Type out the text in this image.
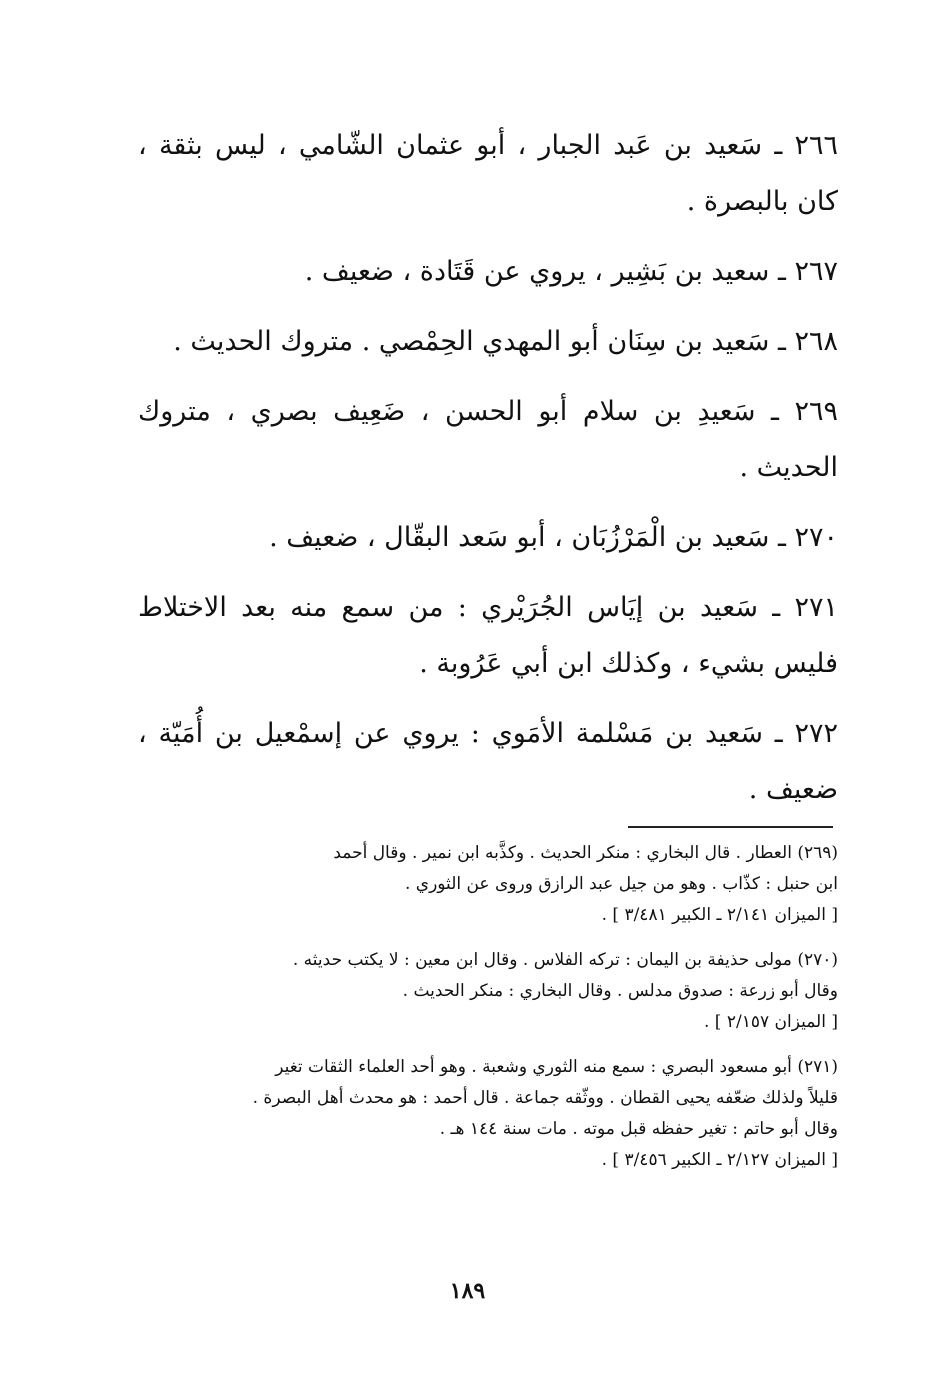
٢٦٦ ـ سَعيد بن عَبد الجبار ، أبو عثمان الشّامي ، ليس بثقة ، كان بالبصرة .

٢٦٧ ـ سعيد بن بَشِير ، يروي عن قَتَادة ، ضعيف .

٢٦٨ ـ سَعيد بن سِنَان أبو المهدي الحِمْصي . متروك الحديث .

٢٦٩ ـ سَعيدِ بن سلام أبو الحسن ، ضَعِيف بصري ، متروك الحديث .

٢٧٠ ـ سَعيد بن الْمَرْزُبَان ، أبو سَعد البقّال ، ضعيف .

٢٧١ ـ سَعيد بن إيَاس الجُرَيْري : من سمع منه بعد الاختلاط فليس بشيء ، وكذلك ابن أبي عَرُوبة .

٢٧٢ ـ سَعيد بن مَسْلمة الأمَوي : يروي عن إسمْعيل بن أُمَيّة ، ضعيف .

(٢٦٩) العطار . قال البخاري : منكر الحديث . وكذَّبه ابن نمير . وقال أحمد
ابن حنبل : كذّاب . وهو من جيل عبد الرازق وروى عن الثوري .
[ الميزان ٢/١٤١ ـ الكبير ٣/٤٨١ ] .
(٢٧٠) مولى حذيفة بن اليمان : تركه الفلاس . وقال ابن معين : لا يكتب حديثه .
وقال أبو زرعة : صدوق مدلس . وقال البخاري : منكر الحديث .
[ الميزان ٢/١٥٧ ] .
(٢٧١) أبو مسعود البصري : سمع منه الثوري وشعبة . وهو أحد العلماء الثقات تغير
قليلاً ولذلك ضعّفه يحيى القطان . ووثّقه جماعة . قال أحمد : هو محدث أهل البصرة .
وقال أبو حاتم : تغير حفظه قبل موته . مات سنة ١٤٤ هـ .
[ الميزان ٢/١٢٧ ـ الكبير ٣/٤٥٦ ] .
١٨٩
